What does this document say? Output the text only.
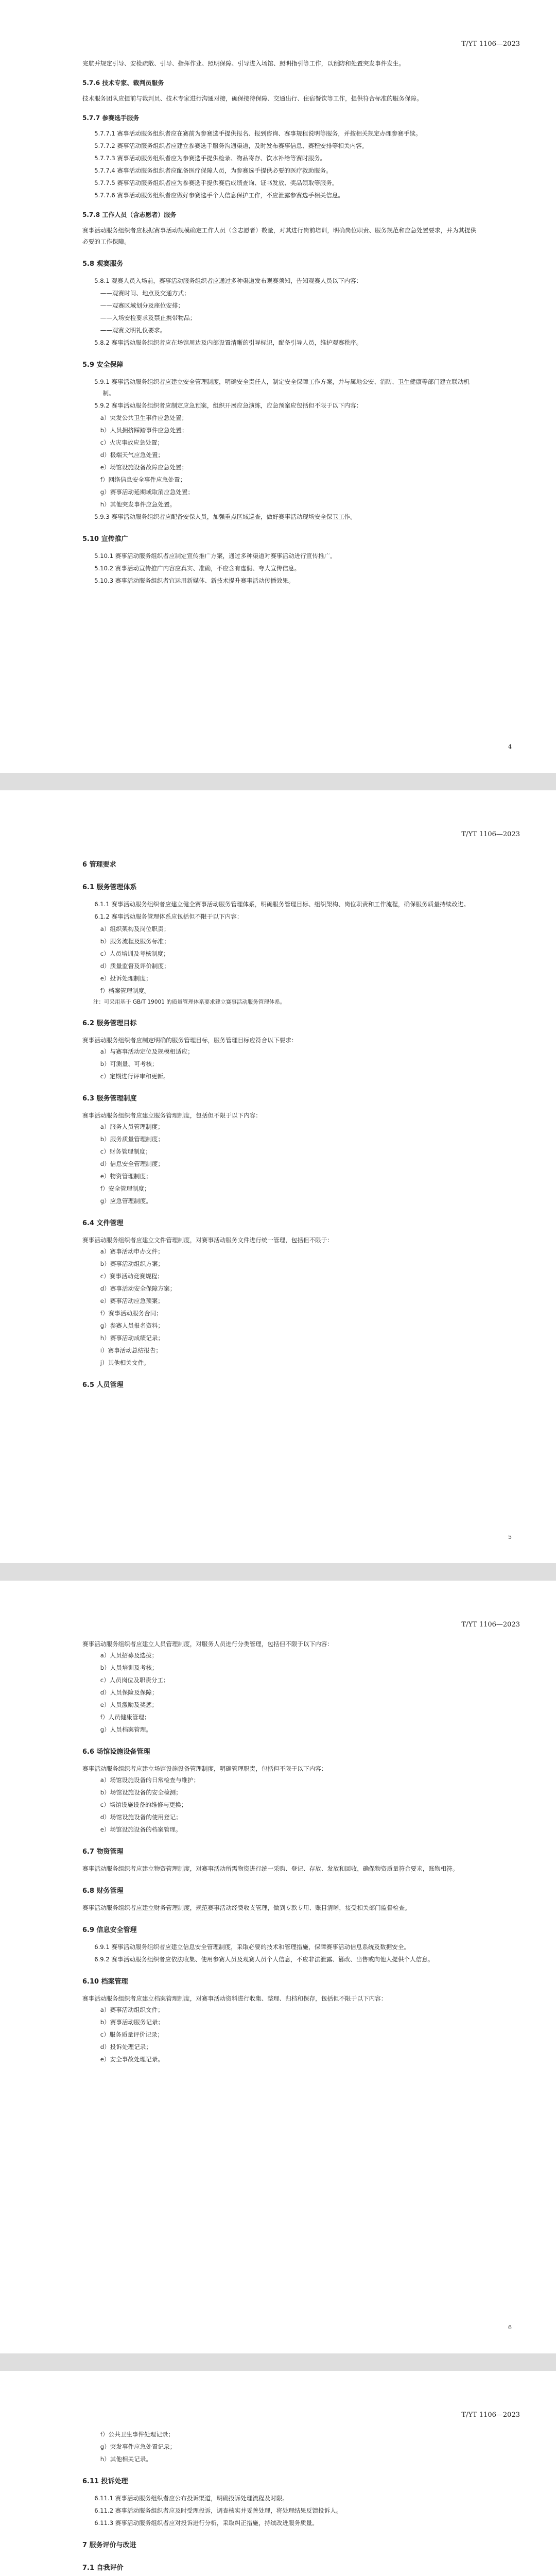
T/YT 1106—2023
完航并规定引导、安检疏散、引导、指挥作业、照明保障、引导进入场馆、照明指引等工作，以预防和处置突发事件发生。
5.7.6 技术专家、裁判员服务
技术服务团队应提前与裁判员、技术专家进行沟通对接，确保接待保障、交通出行、住宿餐饮等工作，提供符合标准的服务保障。
5.7.7 参赛选手服务
5.7.7.1 赛事活动服务组织者应在赛前为参赛选手提供报名、报到咨询、赛事规程说明等服务，并按相关规定办理参赛手续。
5.7.7.2 赛事活动服务组织者应建立参赛选手服务沟通渠道，及时发布赛事信息、赛程安排等相关内容。
5.7.7.3 赛事活动服务组织者应为参赛选手提供检录、物品寄存、饮水补给等赛时服务。
5.7.7.4 赛事活动服务组织者应配备医疗保障人员，为参赛选手提供必要的医疗救助服务。
5.7.7.5 赛事活动服务组织者应为参赛选手提供赛后成绩查询、证书发放、奖品领取等服务。
5.7.7.6 赛事活动服务组织者应做好参赛选手个人信息保护工作，不应泄露参赛选手相关信息。
5.7.8 工作人员（含志愿者）服务
赛事活动服务组织者应根据赛事活动规模确定工作人员（含志愿者）数量，对其进行岗前培训，明确岗位职责、服务规范和应急处置要求，并为其提供必要的工作保障。
5.8 观赛服务
5.8.1 观赛人员入场前，赛事活动服务组织者应通过多种渠道发布观赛须知，告知观赛人员以下内容：
——观赛时间、地点及交通方式；
——观赛区域划分及座位安排；
——入场安检要求及禁止携带物品；
——观赛文明礼仪要求。
5.8.2 赛事活动服务组织者应在场馆周边及内部设置清晰的引导标识，配备引导人员，维护观赛秩序。
5.9 安全保障
5.9.1 赛事活动服务组织者应建立安全管理制度，明确安全责任人，制定安全保障工作方案，并与属地公安、消防、卫生健康等部门建立联动机制。
5.9.2 赛事活动服务组织者应制定应急预案，组织开展应急演练，应急预案应包括但不限于以下内容：
a）突发公共卫生事件应急处置；
b）人员拥挤踩踏事件应急处置；
c）火灾事故应急处置；
d）极端天气应急处置；
e）场馆设施设备故障应急处置；
f）网络信息安全事件应急处置；
g）赛事活动延期或取消应急处置；
h）其他突发事件应急处置。
5.9.3 赛事活动服务组织者应配备安保人员，加强重点区域巡查，做好赛事活动现场安全保卫工作。
5.10 宣传推广
5.10.1 赛事活动服务组织者应制定宣传推广方案，通过多种渠道对赛事活动进行宣传推广。
5.10.2 赛事活动宣传推广内容应真实、准确，不应含有虚假、夸大宣传信息。
5.10.3 赛事活动服务组织者宜运用新媒体、新技术提升赛事活动传播效果。
4
T/YT 1106—2023
6 管理要求
6.1 服务管理体系
6.1.1 赛事活动服务组织者应建立健全赛事活动服务管理体系，明确服务管理目标、组织架构、岗位职责和工作流程，确保服务质量持续改进。
6.1.2 赛事活动服务管理体系应包括但不限于以下内容：
a）组织架构及岗位职责；
b）服务流程及服务标准；
c）人员培训及考核制度；
d）质量监督及评价制度；
e）投诉处理制度；
f）档案管理制度。
注：可采用基于 GB/T 19001 的质量管理体系要求建立赛事活动服务管理体系。
6.2 服务管理目标
赛事活动服务组织者应制定明确的服务管理目标，服务管理目标应符合以下要求：
a）与赛事活动定位及规模相适应；
b）可测量、可考核；
c）定期进行评审和更新。
6.3 服务管理制度
赛事活动服务组织者应建立服务管理制度，包括但不限于以下内容：
a）服务人员管理制度；
b）服务质量管理制度；
c）财务管理制度；
d）信息安全管理制度；
e）物资管理制度；
f）安全管理制度；
g）应急管理制度。
6.4 文件管理
赛事活动服务组织者应建立文件管理制度，对赛事活动服务文件进行统一管理，包括但不限于：
a）赛事活动申办文件；
b）赛事活动组织方案；
c）赛事活动竞赛规程；
d）赛事活动安全保障方案；
e）赛事活动应急预案；
f）赛事活动服务合同；
g）参赛人员报名资料；
h）赛事活动成绩记录；
i）赛事活动总结报告；
j）其他相关文件。
6.5 人员管理
5
T/YT 1106—2023
赛事活动服务组织者应建立人员管理制度，对服务人员进行分类管理，包括但不限于以下内容：
a）人员招募及选拔；
b）人员培训及考核；
c）人员岗位及职责分工；
d）人员保险及保障；
e）人员激励及奖惩；
f）人员健康管理；
g）人员档案管理。
6.6 场馆设施设备管理
赛事活动服务组织者应建立场馆设施设备管理制度，明确管理职责，包括但不限于以下内容：
a）场馆设施设备的日常检查与维护；
b）场馆设施设备的安全检测；
c）场馆设施设备的维修与更换；
d）场馆设施设备的使用登记；
e）场馆设施设备的档案管理。
6.7 物资管理
赛事活动服务组织者应建立物资管理制度，对赛事活动所需物资进行统一采购、登记、存放、发放和回收，确保物资质量符合要求，账物相符。
6.8 财务管理
赛事活动服务组织者应建立财务管理制度，规范赛事活动经费收支管理，做到专款专用、账目清晰，接受相关部门监督检查。
6.9 信息安全管理
6.9.1 赛事活动服务组织者应建立信息安全管理制度，采取必要的技术和管理措施，保障赛事活动信息系统及数据安全。
6.9.2 赛事活动服务组织者应依法收集、使用参赛人员及观赛人员个人信息，不应非法泄露、篡改、出售或向他人提供个人信息。
6.10 档案管理
赛事活动服务组织者应建立档案管理制度，对赛事活动资料进行收集、整理、归档和保存，包括但不限于以下内容：
a）赛事活动组织文件；
b）赛事活动服务记录；
c）服务质量评价记录；
d）投诉处理记录；
e）安全事故处理记录。
6
T/YT 1106—2023
f）公共卫生事件处理记录；
g）突发事件应急处置记录；
h）其他相关记录。
6.11 投诉处理
6.11.1 赛事活动服务组织者应公布投诉渠道，明确投诉处理流程及时限。
6.11.2 赛事活动服务组织者应及时受理投诉，调查核实并妥善处理，将处理结果反馈投诉人。
6.11.3 赛事活动服务组织者应对投诉进行分析，采取纠正措施，持续改进服务质量。
7 服务评价与改进
7.1 自我评价
